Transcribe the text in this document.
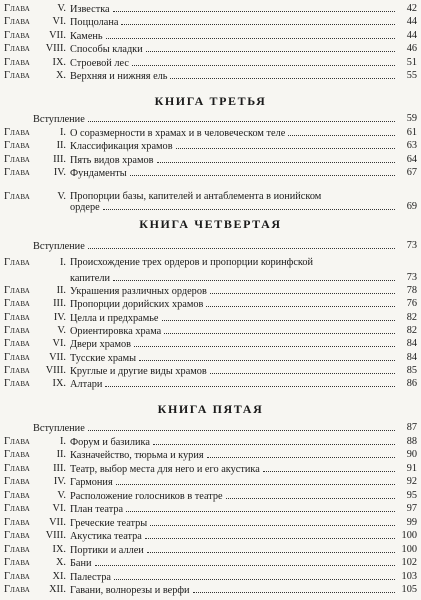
Глава	V. Известка	42
Глава	VI. Поццолана	44
Глава	VII. Камень	44
Глава	VIII. Способы кладки	46
Глава	IX. Строевой лес	51
Глава	X. Верхняя и нижняя ель	55
КНИГА ТРЕТЬЯ
Вступление	59
Глава	I. О соразмерности в храмах и в человеческом теле	61
Глава	II. Классификация храмов	63
Глава	III. Пять видов храмов	64
Глава	IV. Фундаменты	67
Глава	V. Пропорции базы, капителей и антаблемента в ионийском
ордере	69
КНИГА ЧЕТВЕРТАЯ
Вступление	73
Глава	I. Происхождение трех ордеров и пропорции коринфской
капители	73
Глава	II. Украшения различных ордеров	78
Глава	III. Пропорции дорийских храмов	76
Глава	IV. Целла и предхрамье	82
Глава	V. Ориентировка храма	82
Глава	VI. Двери храмов	84
Глава	VII. Тусские храмы	84
Глава	VIII. Круглые и другие виды храмов	85
Глава	IX. Алтари	86
КНИГА ПЯТАЯ
Вступление	87
Глава	I. Форум и базилика	88
Глава	II. Казначейство, тюрьма и курия	90
Глава	III. Театр, выбор места для него и его акустика	91
Глава	IV. Гармония	92
Глава	V. Расположение голосников в театре	95
Глава	VI. План театра	97
Глава	VII. Греческие театры	99
Глава	VIII. Акустика театра	100
Глава	IX. Портики и аллеи	100
Глава	X. Бани	102
Глава	XI. Палестра	103
Глава	XII. Гавани, волнорезы и верфи	105
